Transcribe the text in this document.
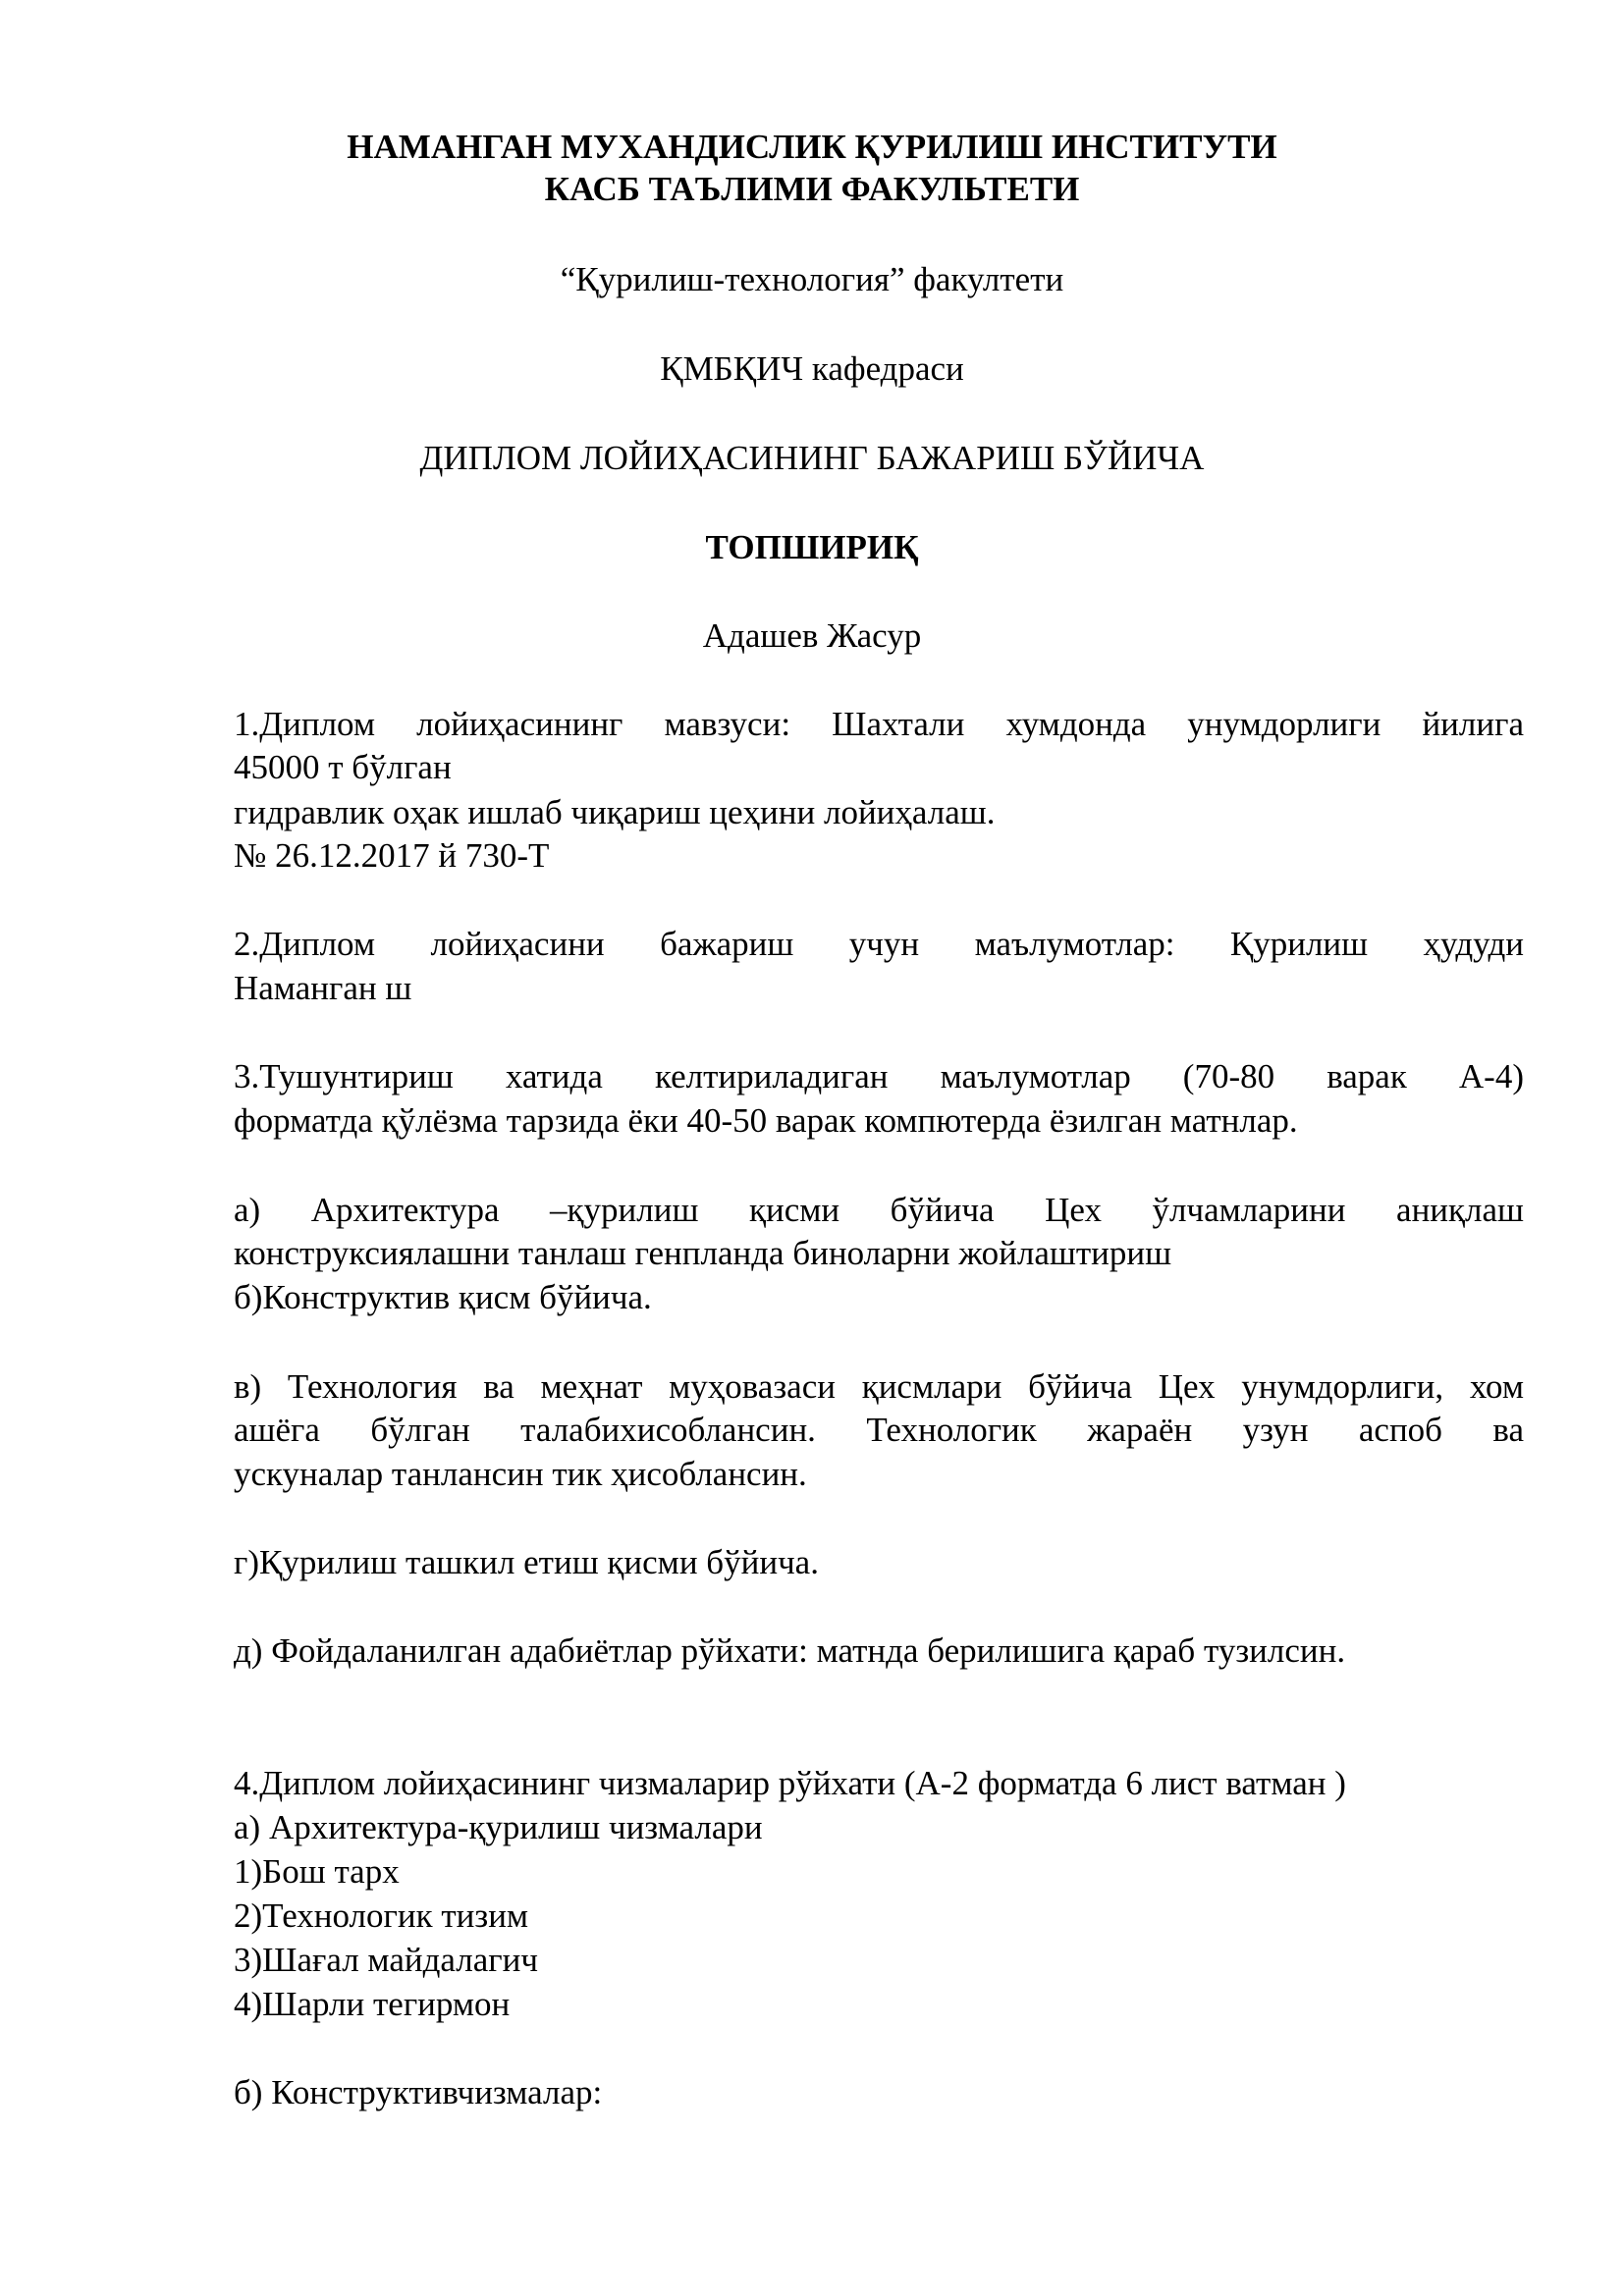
НАМАНГАН МУХАНДИСЛИК ҚУРИЛИШ ИНСТИТУТИ
КАСБ ТАЪЛИМИ ФАКУЛЬТЕТИ
“Қурилиш-технология” факултети
ҚМБҚИЧ кафедраси
ДИПЛОМ ЛОЙИҲАСИНИНГ БАЖАРИШ БЎЙИЧА
ТОПШИРИҚ
Адашев Жасур
1.Диплом лойиҳасининг мавзуси: Шахтали хумдонда унумдорлиги йилига
45000 т бўлган
гидравлик оҳак ишлаб чиқариш цеҳини лойиҳалаш.
№ 26.12.2017 й 730-Т
2.Диплом лойиҳасини бажариш учун маълумотлар: Қурилиш ҳудуди
Наманган ш
3.Тушунтириш хатида келтириладиган маълумотлар (70-80 варак А-4)
форматда қўлёзма тарзида ёки 40-50 варак компютерда ёзилган матнлар.
а) Архитектура –қурилиш қисми бўйича Цех ўлчамларини аниқлаш
конструксиялашни танлаш генпланда биноларни жойлаштириш
б)Конструктив қисм бўйича.
в) Технология ва меҳнат муҳовазаси қисмлари бўйича Цех унумдорлиги, хом
ашёга бўлган талабихисоблансин. Технологик жараён узун аспоб ва
ускуналар танлансин тик ҳисоблансин.
г)Қурилиш ташкил етиш қисми бўйича.
д) Фойдаланилган адабиётлар рўйхати: матнда берилишига қараб тузилсин.
4.Диплом лойиҳасининг чизмаларир рўйхати (А-2 форматда 6 лист ватман )
а) Архитектура-қурилиш чизмалари
1)Бош тарх
2)Технологик тизим
3)Шағал майдалагич
4)Шарли тегирмон
б) Конструктивчизмалар:
